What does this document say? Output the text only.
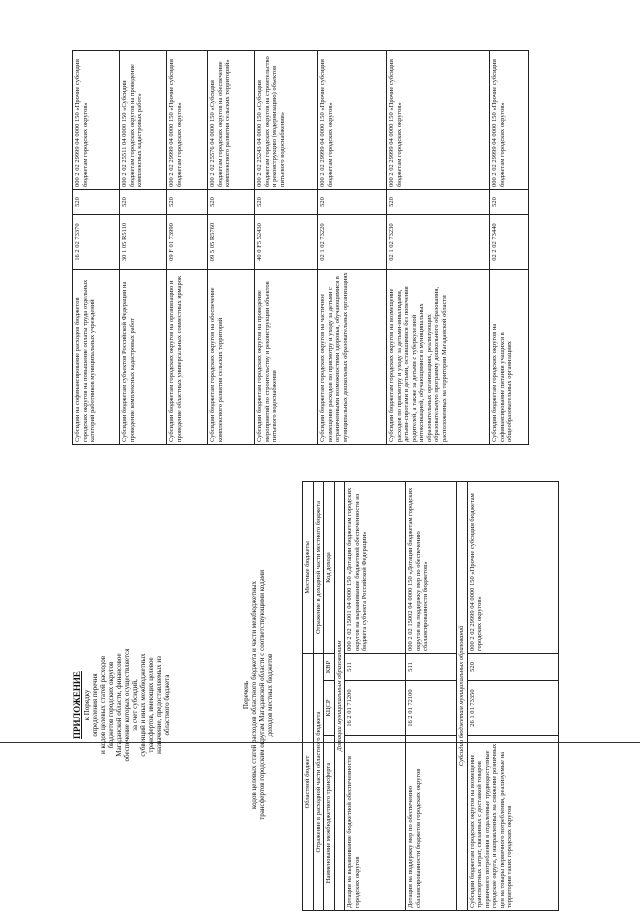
ПРИЛОЖЕНИЕ к Порядку определения перечня и кодов целевых статей расходов бюджетов городских округов Магаданской области, финансовое обеспечение которых осуществляется за счет субсидий, субвенций и иных межбюджетных трансфертов, имеющих целевое назначение, предоставляемых из областного бюджета	Перечень кодов целевых статей расходов областного бюджета и части межбюджетных трансфертов городским округам Магаданской области с соответствующими кодами доходов местных бюджетов
Областной бюджет			Местные бюджеты
Отражение в расходной части областного бюджета			Отражение в доходной части местного бюджета
Наименование межбюджетного трансферта	КЦСР	КВР	Код дохода
Дотации муниципальным образованиям			
Дотации на выравнивание бюджетной обеспеченности городских округов	16 2 01 71200	511	000 2 02 15001 04 0000 150 «Дотации бюджетам городских округов на выравнивание бюджетной обеспеченности из бюджета субъекта Российской Федерации»
Дотации на поддержку мер по обеспечению сбалансированности бюджетов городских округов	16 2 01 72100	511	000 2 02 15002 04 0000 150 «Дотации бюджетам городских округов на поддержку мер по обеспечению сбалансированности бюджетов»
Субсидии бюджетам муниципальных образований			
Субсидии бюджетам городских округов на возмещение транспортных затрат, связанных с доставкой товаров первичного потребления в отдаленные труднодоступные городские округа, и направленных на снижение розничных цен на товары первичного потребления, реализуемые на территории таких городских округов	26 1 01 73350	520	000 2 02 29999 04 0000 150 «Прочие субсидии бюджетам городских округов»
Субсидии на софинансирование расходов бюджетов городских округов на повышение оплаты труда отдельных категорий работников муниципальных учреждений	16 2 02 73370	520	000 2 02 29999 04 0000 150 «Прочие субсидии бюджетам городских округов»
Субсидии бюджетам субъектов Российской Федерации на проведение комплексных кадастровых работ	30 1 05 R5110	520	000 2 02 25511 04 0000 150 «Субсидии бюджетам городских округов на проведение комплексных кадастровых работ»
Субсидии бюджетам городских округов на организацию и проведение областных универсальных совместных ярмарок	09 F 01 73990	520	000 2 02 29999 04 0000 150 «Прочие субсидии бюджетам городских округов»
Субсидии бюджетам городских округов на обеспечение комплексного развития сельских территорий	09 5 05 R5760	520	000 2 02 25576 04 0000 150 «Субсидии бюджетам городских округов на обеспечение комплексного развития сельских территорий»
Субсидии бюджетам городских округов на проведение мероприятий по строительству и реконструкции объектов питьевого водоснабжения	40 0 F5 52430	520	000 2 02 25243 04 0000 150 «Субсидии бюджетам городских округов на строительство и реконструкцию (модернизацию) объектов питьевого водоснабжения»
Субсидии бюджетам городских округов на частичное возмещение расходов по присмотру и уходу за детьми с ограниченными возможностями здоровья, обучающимися в муниципальных дошкольных образовательных организациях	02 1 02 73220	520	000 2 02 29999 04 0000 150 «Прочие субсидии бюджетам городских округов»
Субсидии бюджетам городских округов на возмещение расходов по присмотру и уходу за детьми-инвалидами, детьми-сиротами и детьми, оставшимися без попечения родителей, а также за детьми с туберкулезной интоксикацией, обучающимися в муниципальных образовательных организациях, реализующих образовательную программу дошкольного образования, расположенных на территории Магаданской области	02 1 02 73230	520	000 2 02 29999 04 0000 150 «Прочие субсидии бюджетам городских округов»
Субсидии бюджетам городских округов на софинансирование питания учащихся в общеобразовательных организациях	02 2 02 73440	520	000 2 02 29999 04 0000 150 «Прочие субсидии бюджетам городских округов»
